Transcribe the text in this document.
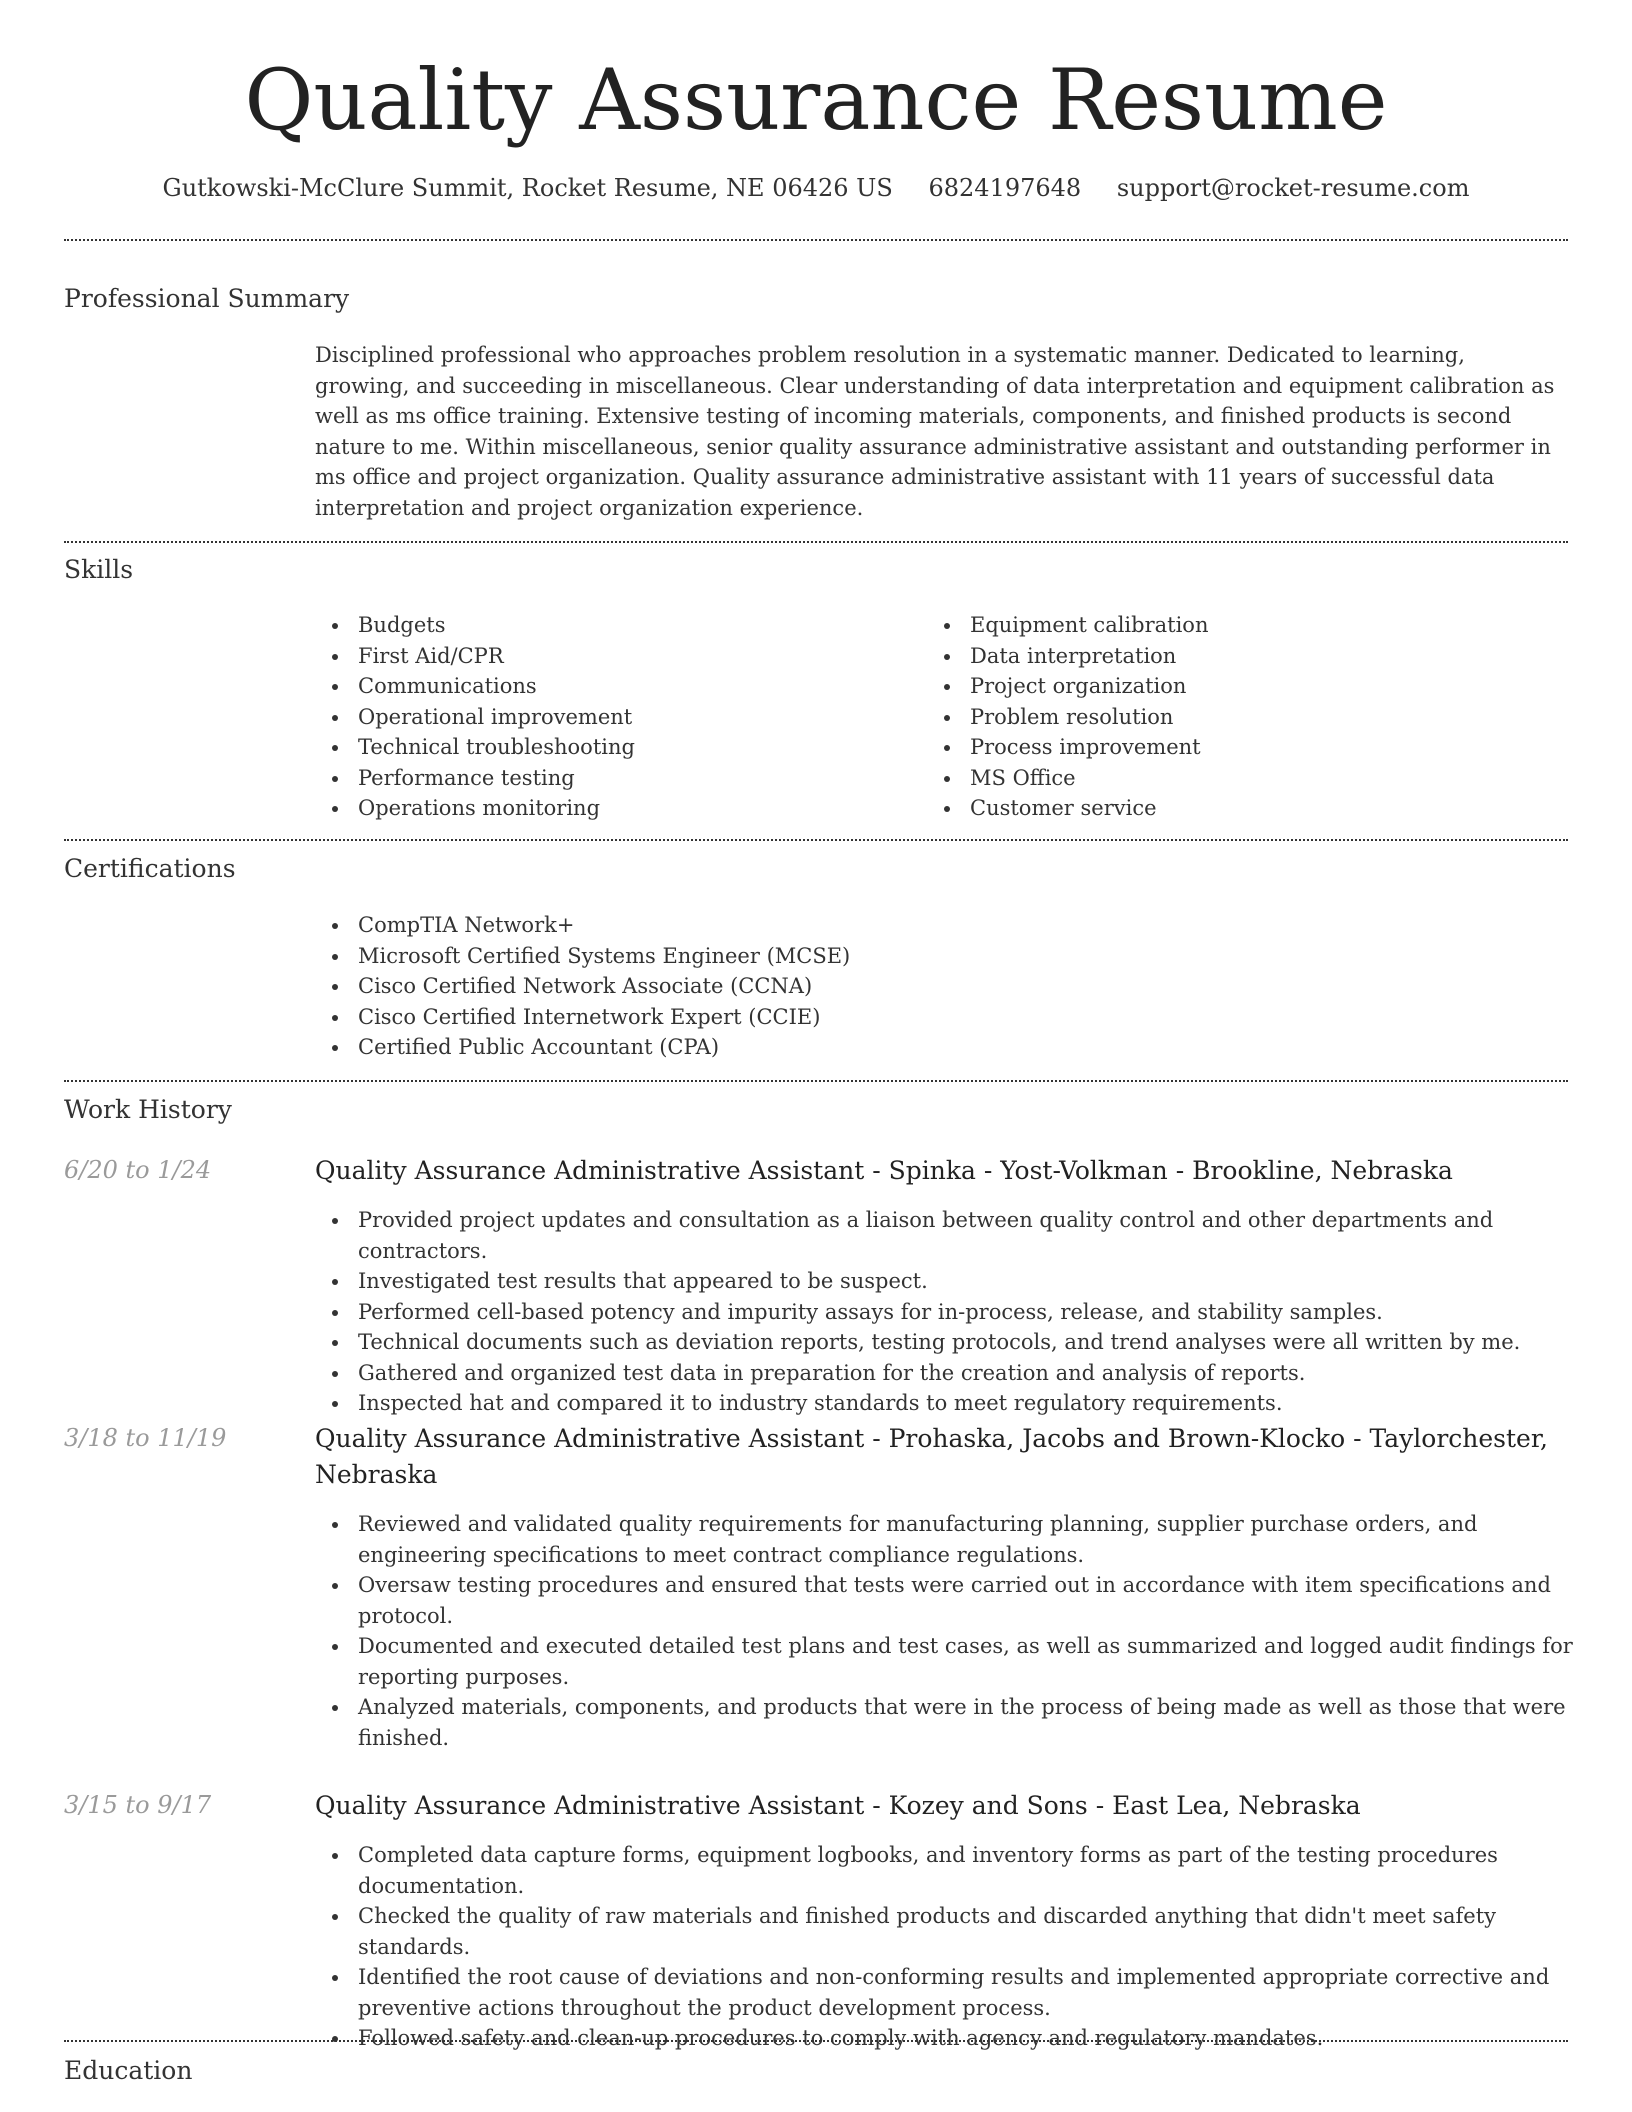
Quality Assurance Resume
Gutkowski-McClure Summit, Rocket Resume, NE 06426 US 6824197648 support@rocket-resume.com
Professional Summary

Disciplined professional who approaches problem resolution in a systematic manner. Dedicated to learning, growing, and succeeding in miscellaneous. Clear understanding of data interpretation and equipment calibration as well as ms office training. Extensive testing of incoming materials, components, and finished products is second nature to me. Within miscellaneous, senior quality assurance administrative assistant and outstanding performer in ms office and project organization. Quality assurance administrative assistant with 11 years of successful data interpretation and project organization experience.

Skills
Budgets
First Aid/CPR
Communications
Operational improvement
Technical troubleshooting
Performance testing
Operations monitoring
Equipment calibration
Data interpretation
Project organization
Problem resolution
Process improvement
MS Office
Customer service
Certifications
CompTIA Network+
Microsoft Certified Systems Engineer (MCSE)
Cisco Certified Network Associate (CCNA)
Cisco Certified Internetwork Expert (CCIE)
Certified Public Accountant (CPA)
Work History
6/20 to 1/24	Quality Assurance Administrative Assistant - Spinka - Yost-Volkman - Brookline, Nebraska
Provided project updates and consultation as a liaison between quality control and other departments and contractors.
Investigated test results that appeared to be suspect.
Performed cell-based potency and impurity assays for in-process, release, and stability samples.
Technical documents such as deviation reports, testing protocols, and trend analyses were all written by me.
Gathered and organized test data in preparation for the creation and analysis of reports.
Inspected hat and compared it to industry standards to meet regulatory requirements.
3/18 to 11/19	Quality Assurance Administrative Assistant - Prohaska, Jacobs and Brown-Klocko - Taylorchester, Nebraska
Reviewed and validated quality requirements for manufacturing planning, supplier purchase orders, and engineering specifications to meet contract compliance regulations.
Oversaw testing procedures and ensured that tests were carried out in accordance with item specifications and protocol.
Documented and executed detailed test plans and test cases, as well as summarized and logged audit findings for reporting purposes.
Analyzed materials, components, and products that were in the process of being made as well as those that were finished.
3/15 to 9/17	Quality Assurance Administrative Assistant - Kozey and Sons - East Lea, Nebraska
Completed data capture forms, equipment logbooks, and inventory forms as part of the testing procedures documentation.
Checked the quality of raw materials and finished products and discarded anything that didn't meet safety standards.
Identified the root cause of deviations and non-conforming results and implemented appropriate corrective and preventive actions throughout the product development process.
Followed safety and clean-up procedures to comply with agency and regulatory mandates.
Education
